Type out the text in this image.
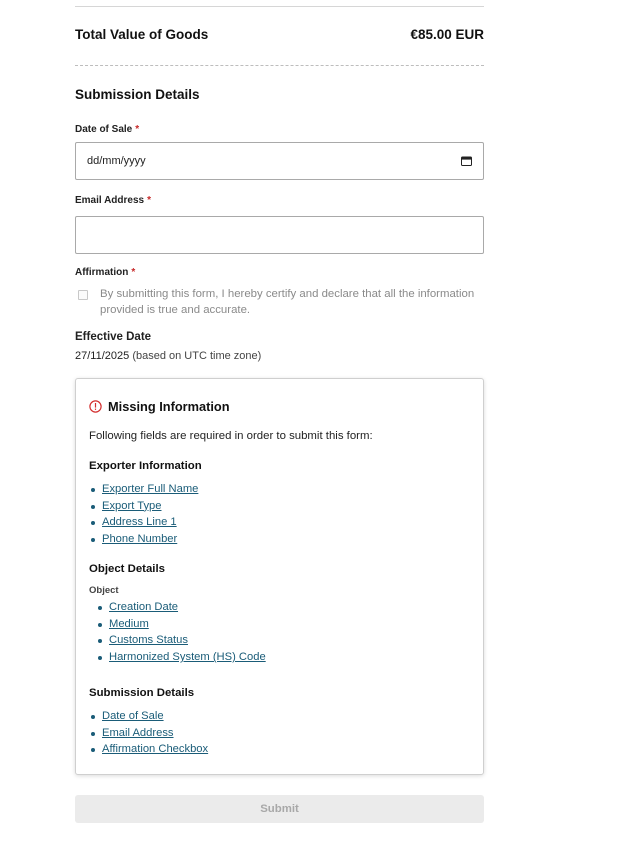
Total Value of Goods	€85.00 EUR
Submission Details
Date of Sale *
dd/mm/yyyy
Email Address *
Affirmation *
By submitting this form, I hereby certify and declare that all the information provided is true and accurate.
Effective Date
27/11/2025 (based on UTC time zone)
Missing Information
Following fields are required in order to submit this form:
Exporter Information
Exporter Full Name
Export Type
Address Line 1
Phone Number
Object Details
Object
Creation Date
Medium
Customs Status
Harmonized System (HS) Code
Submission Details
Date of Sale
Email Address
Affirmation Checkbox
Submit
